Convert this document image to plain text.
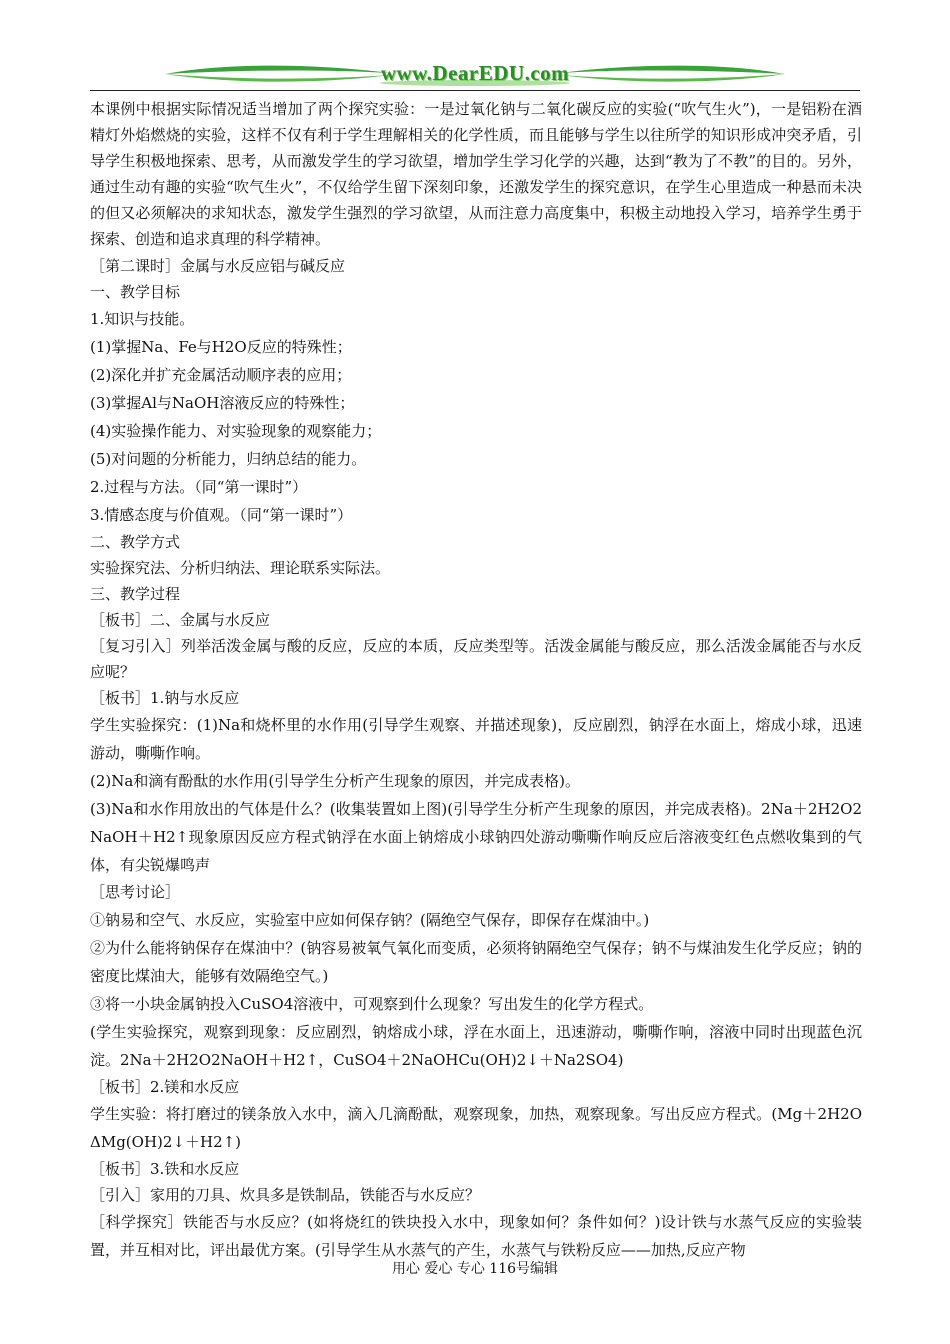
www.DearEDU.com

本课例中根据实际情况适当增加了两个探究实验：一是过氧化钠与二氧化碳反应的实验(“吹气生火”)，一是铝粉在酒精灯外焰燃烧的实验，这样不仅有利于学生理解相关的化学性质，而且能够与学生以往所学的知识形成冲突矛盾，引导学生积极地探索、思考，从而激发学生的学习欲望，增加学生学习化学的兴趣，达到“教为了不教”的目的。另外，通过生动有趣的实验“吹气生火”，不仅给学生留下深刻印象，还激发学生的探究意识，在学生心里造成一种悬而未决的但又必须解决的求知状态，激发学生强烈的学习欲望，从而注意力高度集中，积极主动地投入学习，培养学生勇于探索、创造和追求真理的科学精神。

［第二课时］金属与水反应铝与碱反应

一、教学目标

1.知识与技能。

(1)掌握Na、Fe与H2O反应的特殊性；

(2)深化并扩充金属活动顺序表的应用；

(3)掌握Al与NaOH溶液反应的特殊性；

(4)实验操作能力、对实验现象的观察能力；

(5)对问题的分析能力，归纳总结的能力。

2.过程与方法。（同“第一课时”）

3.情感态度与价值观。（同“第一课时”）

二、教学方式

实验探究法、分析归纳法、理论联系实际法。

三、教学过程

［板书］二、金属与水反应

［复习引入］列举活泼金属与酸的反应，反应的本质，反应类型等。活泼金属能与酸反应，那么活泼金属能否与水反应呢？

［板书］1.钠与水反应

学生实验探究：(1)Na和烧杯里的水作用(引导学生观察、并描述现象)，反应剧烈，钠浮在水面上，熔成小球，迅速游动，嘶嘶作响。

(2)Na和滴有酚酞的水作用(引导学生分析产生现象的原因，并完成表格)。

(3)Na和水作用放出的气体是什么？(收集装置如上图)(引导学生分析产生现象的原因，并完成表格)。2Na＋2H2O2NaOH＋H2↑现象原因反应方程式钠浮在水面上钠熔成小球钠四处游动嘶嘶作响反应后溶液变红色点燃收集到的气体，有尖锐爆鸣声

［思考讨论］

①钠易和空气、水反应，实验室中应如何保存钠？(隔绝空气保存，即保存在煤油中。)

②为什么能将钠保存在煤油中？(钠容易被氧气氧化而变质，必须将钠隔绝空气保存；钠不与煤油发生化学反应；钠的密度比煤油大，能够有效隔绝空气。)

③将一小块金属钠投入CuSO4溶液中，可观察到什么现象？写出发生的化学方程式。

(学生实验探究，观察到现象：反应剧烈，钠熔成小球，浮在水面上，迅速游动，嘶嘶作响，溶液中同时出现蓝色沉淀。2Na＋2H2O2NaOH＋H2↑，CuSO4＋2NaOHCu(OH)2↓＋Na2SO4)

［板书］2.镁和水反应

学生实验：将打磨过的镁条放入水中，滴入几滴酚酞，观察现象，加热，观察现象。写出反应方程式。(Mg＋2H2OΔMg(OH)2↓＋H2↑)

［板书］3.铁和水反应

［引入］家用的刀具、炊具多是铁制品，铁能否与水反应？

［科学探究］铁能否与水反应？(如将烧红的铁块投入水中，现象如何？条件如何？)设计铁与水蒸气反应的实验装置，并互相对比，评出最优方案。(引导学生从水蒸气的产生，水蒸气与铁粉反应——加热,反应产物

用心 爱心 专心 116号编辑
